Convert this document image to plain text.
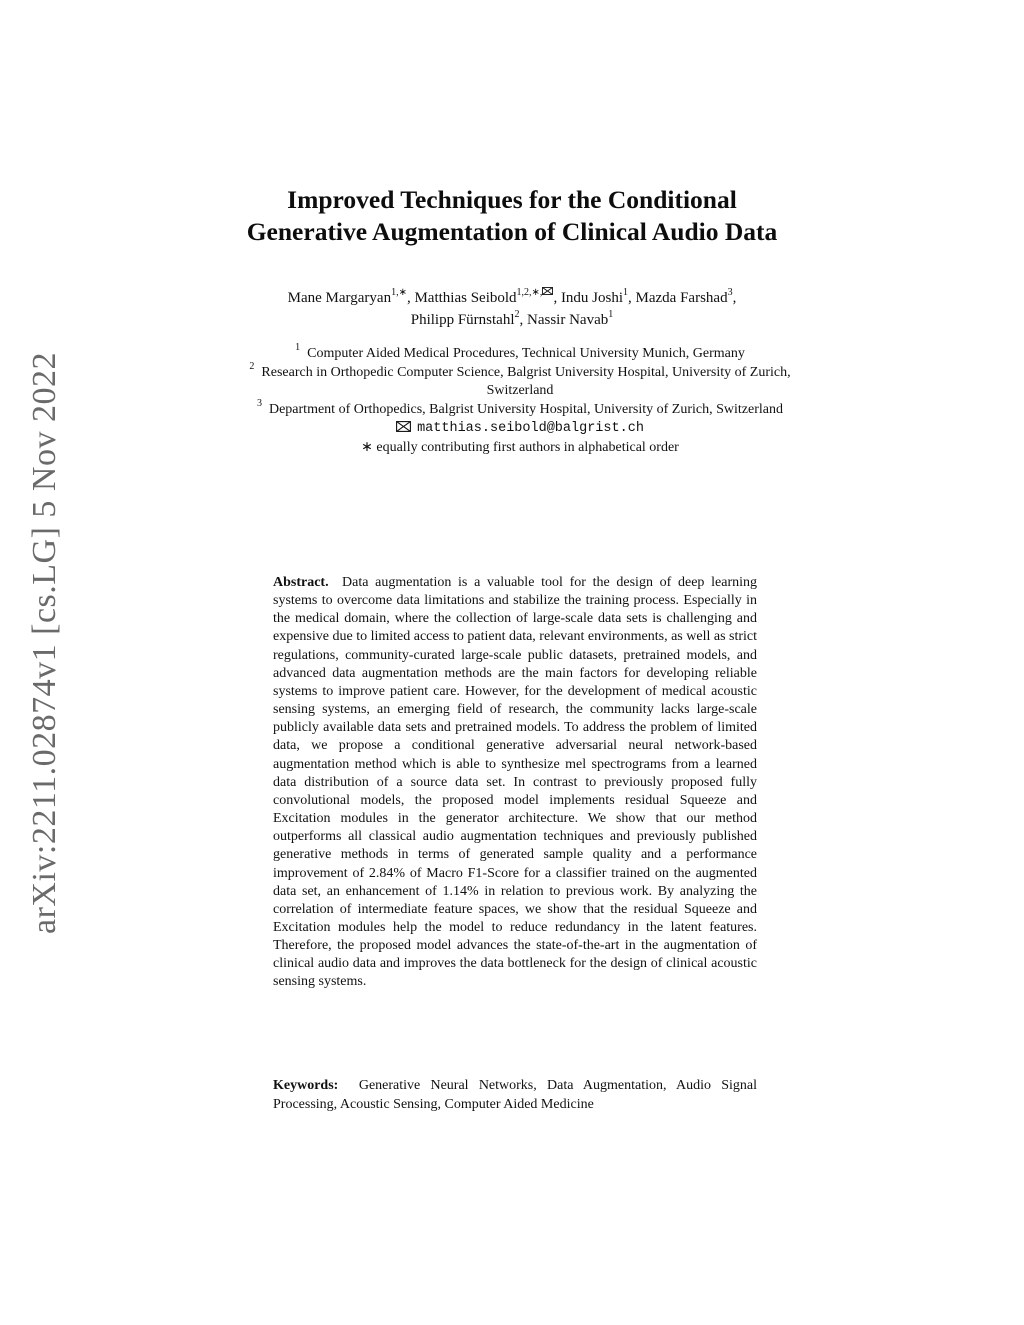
arXiv:2211.02874v1 [cs.LG] 5 Nov 2022
Improved Techniques for the Conditional
Generative Augmentation of Clinical Audio Data
Mane Margaryan$^{1,∗}$, Matthias Seibold$^{1,2,∗,}$ , Indu Joshi$^1$, Mazda Farshad$^3$,
Philipp Fürnstahl$^2$, Nassir Navab$^1$

$^1$ Computer Aided Medical Procedures, Technical University Munich, Germany

$^2$ Research in Orthopedic Computer Science, Balgrist University Hospital, University of Zurich, Switzerland

$^3$ Department of Orthopedics, Balgrist University Hospital, University of Zurich, Switzerland

matthias.seibold@balgrist.ch

∗ equally contributing first authors in alphabetical order

Abstract. Data augmentation is a valuable tool for the design of deep learning systems to overcome data limitations and stabilize the training process. Especially in the medical domain, where the collection of large-scale data sets is challenging and expensive due to limited access to patient data, relevant environments, as well as strict regulations, community-curated large-scale public datasets, pretrained models, and advanced data augmentation methods are the main factors for developing reliable systems to improve patient care. However, for the development of medical acoustic sensing systems, an emerging field of research, the community lacks large-scale publicly available data sets and pretrained models. To address the problem of limited data, we propose a conditional generative adversarial neural network-based augmentation method which is able to synthesize mel spectrograms from a learned data distribution of a source data set. In contrast to previously proposed fully convolutional models, the proposed model implements residual Squeeze and Excitation modules in the generator architecture. We show that our method outperforms all classical audio augmentation techniques and previously published generative methods in terms of generated sample quality and a performance improvement of 2.84% of Macro F1-Score for a classifier trained on the augmented data set, an enhancement of 1.14% in relation to previous work. By analyzing the correlation of intermediate feature spaces, we show that the residual Squeeze and Excitation modules help the model to reduce redundancy in the latent features. Therefore, the proposed model advances the state-of-the-art in the augmentation of clinical audio data and improves the data bottleneck for the design of clinical acoustic sensing systems.
Keywords: Generative Neural Networks, Data Augmentation, Audio Signal Processing, Acoustic Sensing, Computer Aided Medicine
